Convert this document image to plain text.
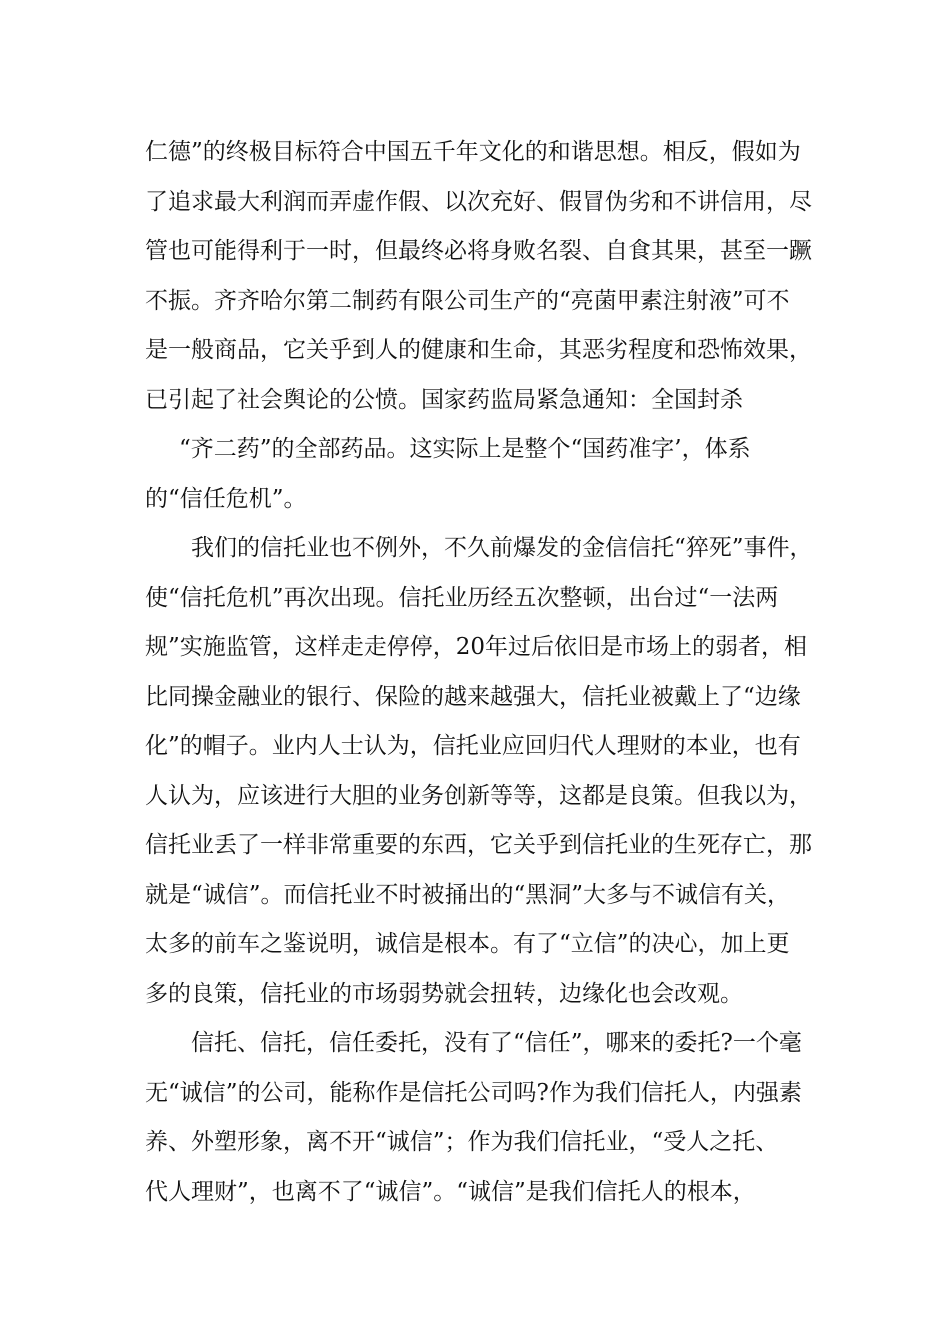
仁德”的终极目标符合中国五千年文化的和谐思想。相反，假如为
了追求最大利润而弄虚作假、以次充好、假冒伪劣和不讲信用，尽
管也可能得利于一时，但最终必将身败名裂、自食其果，甚至一蹶
不振。齐齐哈尔第二制药有限公司生产的“亮菌甲素注射液”可不
是一般商品，它关乎到人的健康和生命，其恶劣程度和恐怖效果，
已引起了社会舆论的公愤。国家药监局紧急通知：全国封杀
“齐二药”的全部药品。这实际上是整个“国药准字’，体系
的“信任危机”。
我们的信托业也不例外，不久前爆发的金信信托“猝死”事件，
使“信托危机”再次出现。信托业历经五次整顿，出台过“一法两
规”实施监管，这样走走停停，20年过后依旧是市场上的弱者，相
比同操金融业的银行、保险的越来越强大，信托业被戴上了“边缘
化”的帽子。业内人士认为，信托业应回归代人理财的本业，也有
人认为，应该进行大胆的业务创新等等，这都是良策。但我以为，
信托业丢了一样非常重要的东西，它关乎到信托业的生死存亡，那
就是“诚信”。而信托业不时被捅出的“黑洞”大多与不诚信有关，
太多的前车之鉴说明，诚信是根本。有了“立信”的决心，加上更
多的良策，信托业的市场弱势就会扭转，边缘化也会改观。
信托、信托，信任委托，没有了“信任”，哪来的委托?一个毫
无“诚信”的公司，能称作是信托公司吗?作为我们信托人，内强素
养、外塑形象，离不开“诚信”；作为我们信托业，“受人之托、
代人理财”，也离不了“诚信”。“诚信”是我们信托人的根本，
